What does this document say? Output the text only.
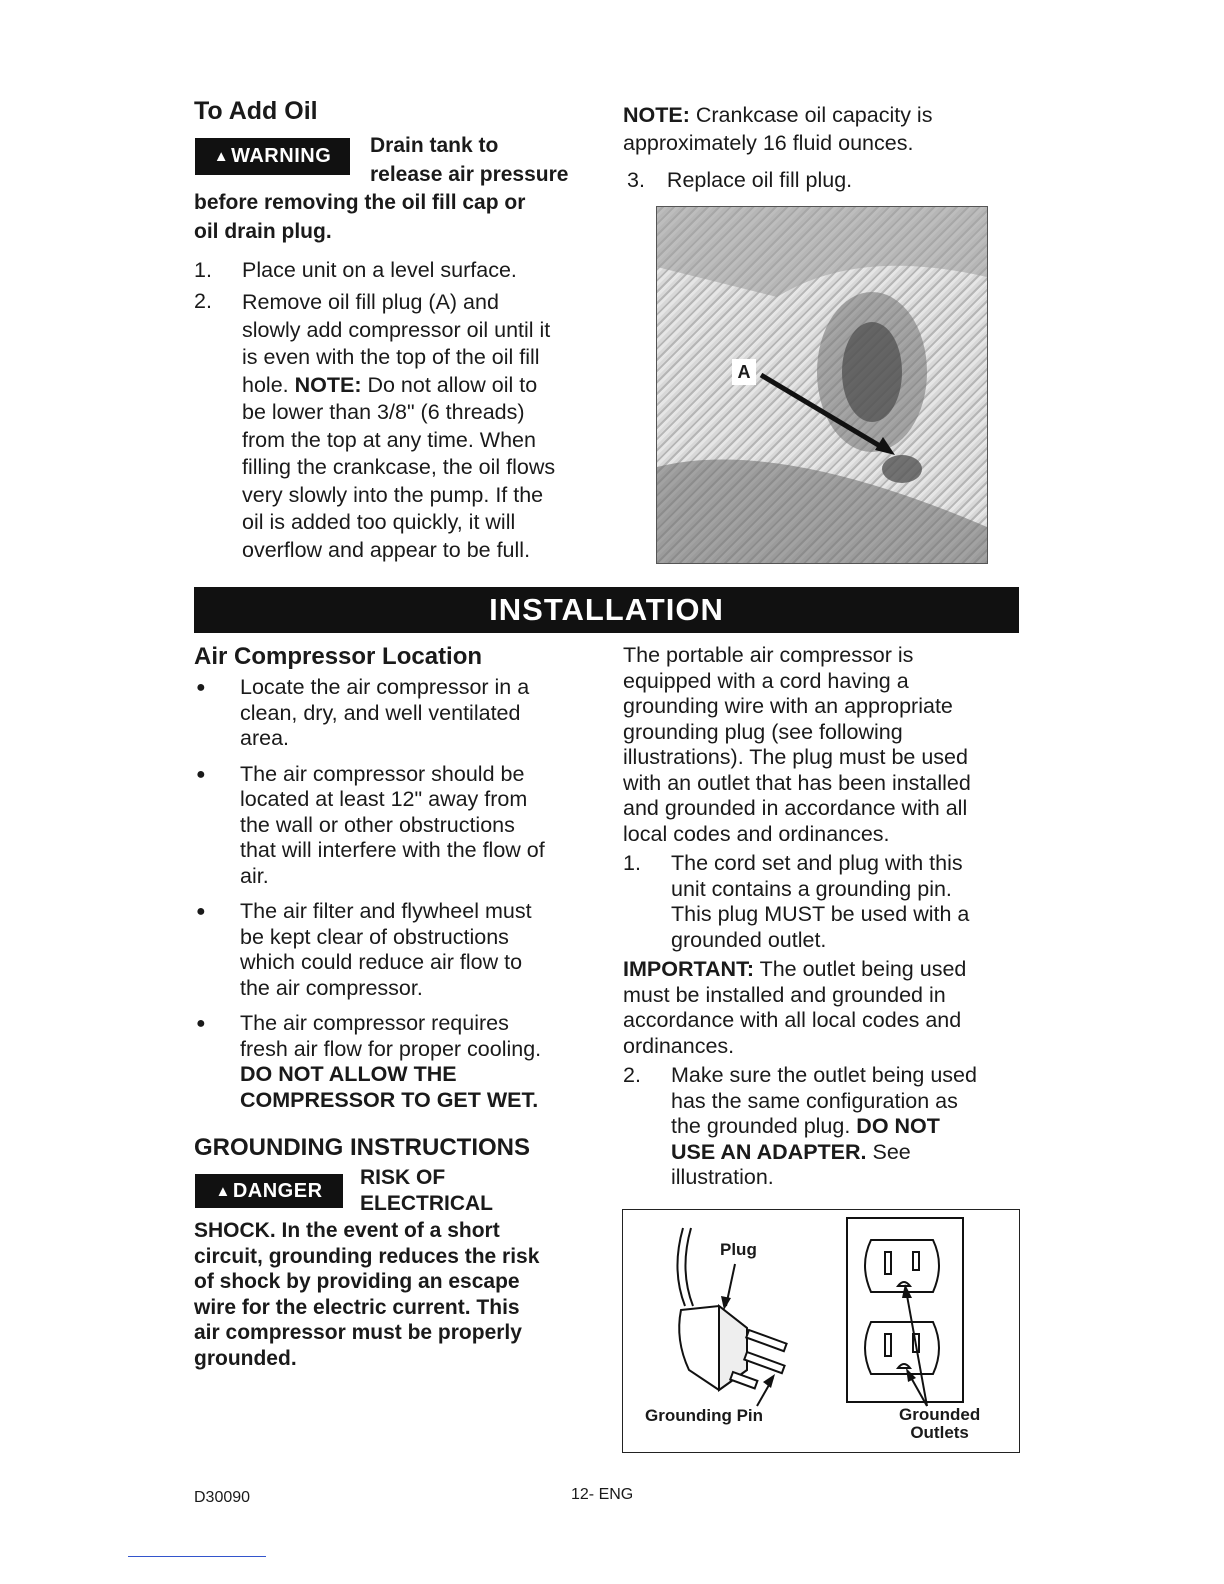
To Add Oil
▲ WARNING Drain tank to
release air pressure
before removing the oil fill cap or
oil drain plug.
1. Place unit on a level surface.
2. Remove oil fill plug (A) and
slowly add compressor oil until it
is even with the top of the oil fill
hole. NOTE: Do not allow oil to
be lower than 3/8" (6 threads)
from the top at any time. When
filling the crankcase, the oil flows
very slowly into the pump. If the
oil is added too quickly, it will
overflow and appear to be full.
NOTE: Crankcase oil capacity is
approximately 16 fluid ounces.
3. Replace oil fill plug.
A
INSTALLATION
Air Compressor Location
● Locate the air compressor in a
clean, dry, and well ventilated
area.
● The air compressor should be
located at least 12" away from
the wall or other obstructions
that will interfere with the flow of
air.
● The air filter and flywheel must
be kept clear of obstructions
which could reduce air flow to
the air compressor.
● The air compressor requires
fresh air flow for proper cooling.
DO NOT ALLOW THE
COMPRESSOR TO GET WET.
GROUNDING INSTRUCTIONS
▲ DANGER
RISK OF
ELECTRICAL
SHOCK. In the event of a short
circuit, grounding reduces the risk
of shock by providing an escape
wire for the electric current. This
air compressor must be properly
grounded.
The portable air compressor is
equipped with a cord having a
grounding wire with an appropriate
grounding plug (see following
illustrations). The plug must be used
with an outlet that has been installed
and grounded in accordance with all
local codes and ordinances.
1. The cord set and plug with this
unit contains a grounding pin.
This plug MUST be used with a
grounded outlet.
IMPORTANT: The outlet being used
must be installed and grounded in
accordance with all local codes and
ordinances.
2. Make sure the outlet being used
has the same configuration as
the grounded plug. DO NOT
USE AN ADAPTER. See
illustration.
Plug
Grounding Pin	Grounded
Outlets
D30090	12- ENG
